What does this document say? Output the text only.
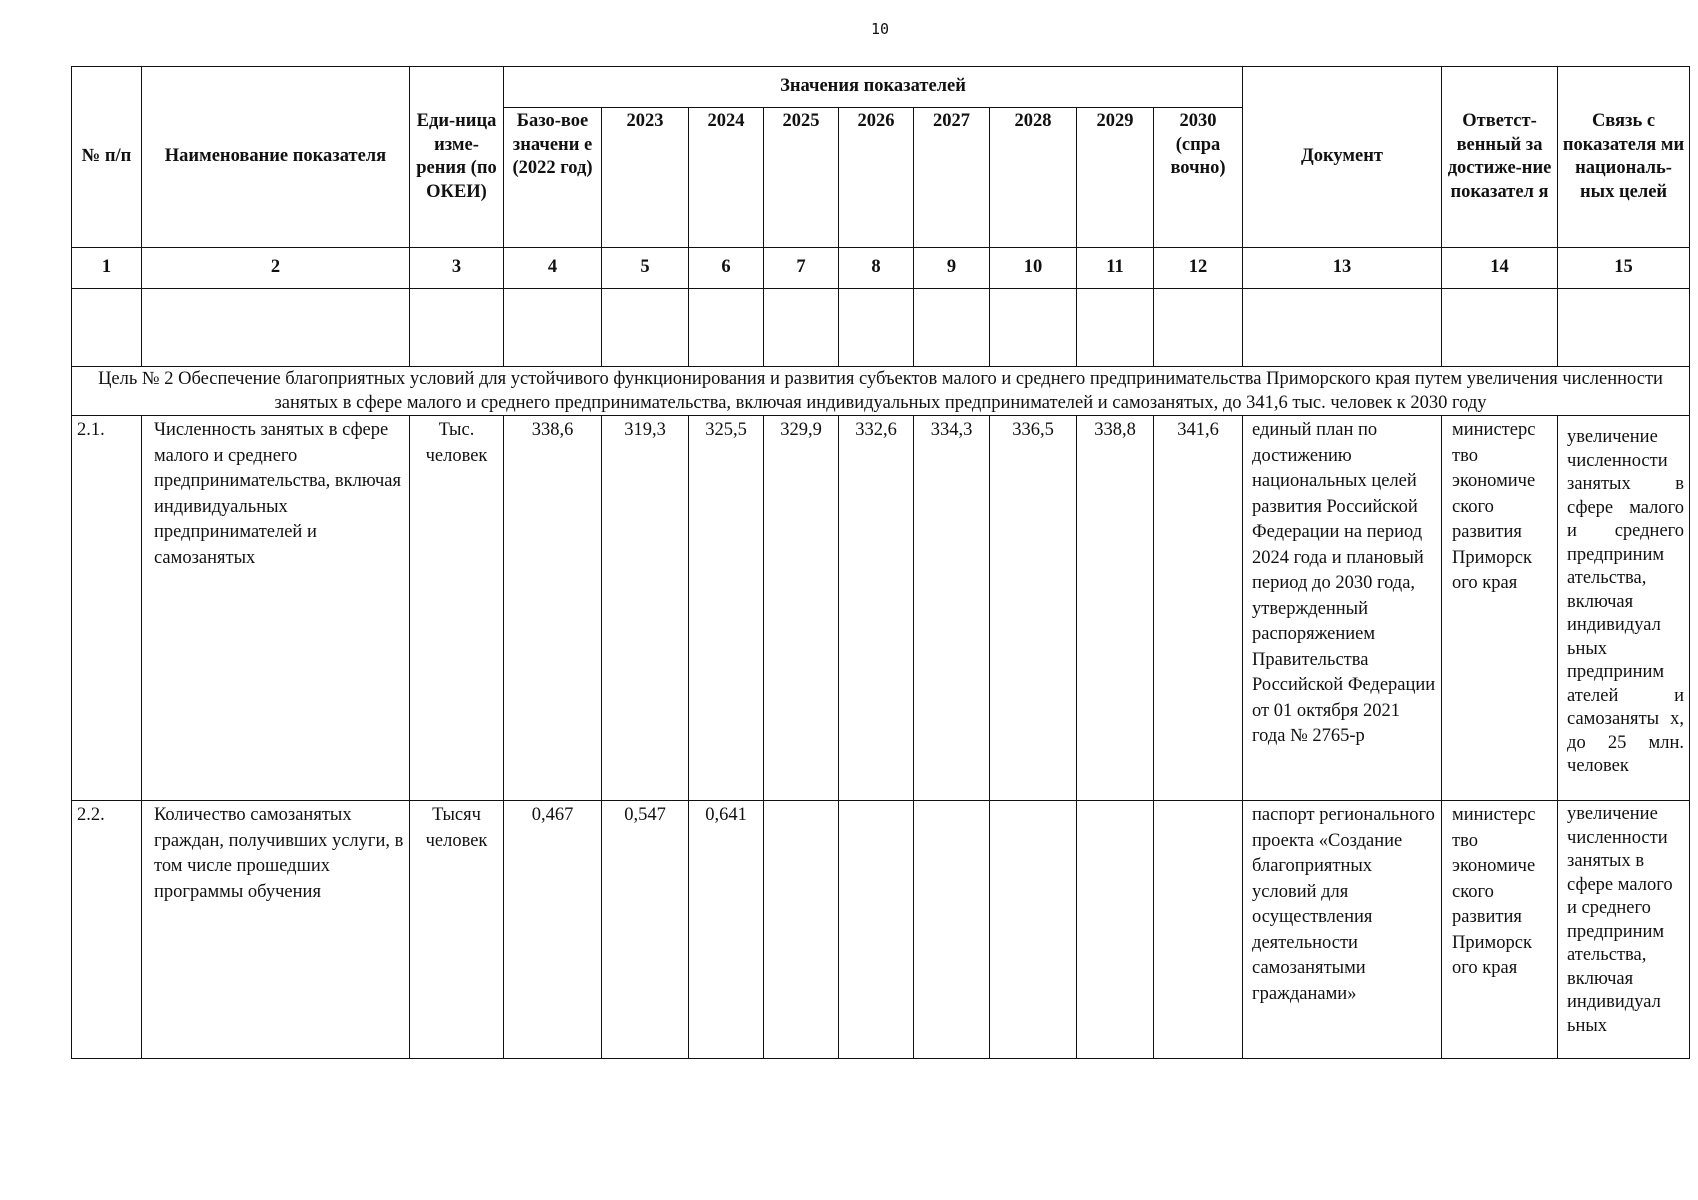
10
№ п/п	Наименование показателя	Еди-ница изме-рения (по ОКЕИ)	Значения показателей									Документ	Ответст-венный за достиже-ние показател я	Связь с показателя ми националь-ных целей
			Базо-вое значени е (2022 год)	2023	2024	2025	2026	2027	2028	2029	2030 (спра вочно)			
1	2	3	4	5	6	7	8	9	10	11	12	13	14	15

Цель № 2 Обеспечение благоприятных условий для устойчивого функционирования и развития субъектов малого и среднего предпринимательства Приморского края путем увеличения численности занятых в сфере малого и среднего предпринимательства, включая индивидуальных предпринимателей и самозанятых, до 341,6 тыс. человек к 2030 году														
2.1.	Численность занятых в сфере малого и среднего предпринимательства, включая индивидуальных предпринимателей и самозанятых	Тыс. человек	338,6	319,3	325,5	329,9	332,6	334,3	336,5	338,8	341,6	единый план по достижению национальных целей развития Российской Федерации на период 2024 года и плановый период до 2030 года, утвержденный распоряжением Правительства Российской Федерации от 01 октября 2021 года № 2765-р	министерс тво экономиче ского развития Приморск ого края	увеличение численности занятых в сфере малого и среднего предприним ательства, включая индивидуал ьных предприним ателей и самозаняты х, до 25 млн. человек
2.2.	Количество самозанятых граждан, получивших услуги, в том числе прошедших программы обучения	Тысяч человек	0,467	0,547	0,641							паспорт регионального проекта «Создание благоприятных условий для осуществления деятельности самозанятыми гражданами»	министерс тво экономиче ского развития Приморск ого края	увеличение численности занятых в сфере малого и среднего предприним ательства, включая индивидуал ьных
